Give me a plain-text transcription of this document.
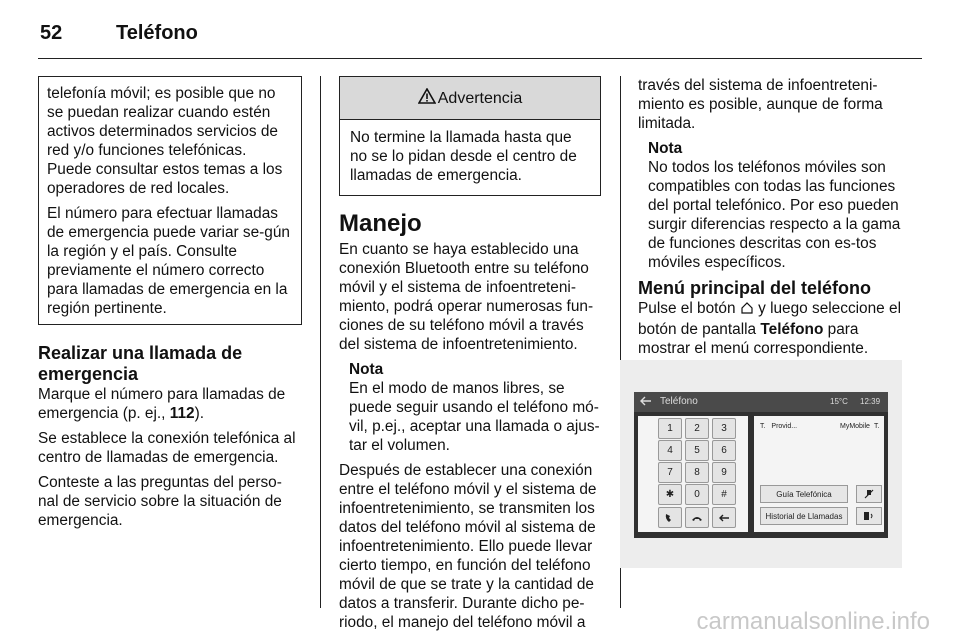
52	Teléfono

telefonía móvil; es posible que no se puedan realizar cuando estén activos determinados servicios de red y/o funciones telefónicas. Puede consultar estos temas a los operadores de red locales.

El número para efectuar llamadas de emergencia puede variar se-gún la región y el país. Consulte previamente el número correcto para llamadas de emergencia en la región pertinente.

Realizar una llamada de emergencia

Marque el número para llamadas de emergencia (p. ej., 112).

Se establece la conexión telefónica al centro de llamadas de emergencia.

Conteste a las preguntas del perso-nal de servicio sobre la situación de emergencia.

Advertencia
No termine la llamada hasta que no se lo pidan desde el centro de llamadas de emergencia.
Manejo

En cuanto se haya establecido una conexión Bluetooth entre su teléfono móvil y el sistema de infoentreteni-miento, podrá operar numerosas fun-ciones de su teléfono móvil a través del sistema de infoentretenimiento.

Nota

En el modo de manos libres, se puede seguir usando el teléfono mó-vil, p.ej., aceptar una llamada o ajus-tar el volumen.

Después de establecer una conexión entre el teléfono móvil y el sistema de infoentretenimiento, se transmiten los datos del teléfono móvil al sistema de infoentretenimiento. Ello puede llevar cierto tiempo, en función del teléfono móvil de que se trate y la cantidad de datos a transferir. Durante dicho pe-riodo, el manejo del teléfono móvil a

través del sistema de infoentreteni-miento es posible, aunque de forma limitada.

Nota

No todos los teléfonos móviles son compatibles con todas las funciones del portal telefónico. Por eso pueden surgir diferencias respecto a la gama de funciones descritas con es-tos móviles específicos.

Menú principal del teléfono

Pulse el botón  y luego seleccione el botón de pantalla Teléfono para mostrar el menú correspondiente.

Teléfono	15°C 12:39
T. Provid...	MyMobile T.
Guía Telefónica
Historial de Llamadas
1	2	3
4	5	6
7	8	9
✱	0	#
carmanualsonline.info
